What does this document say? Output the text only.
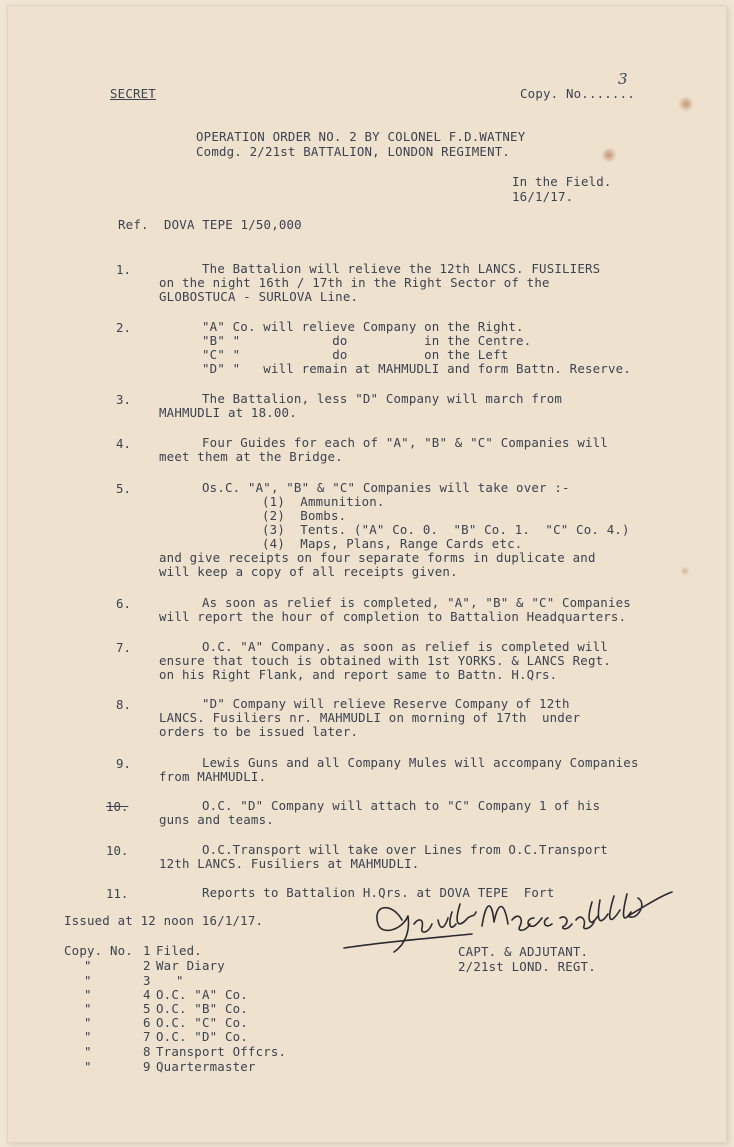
SECRET	Copy. No.......
3
OPERATION ORDER NO. 2 BY COLONEL F.D.WATNEY
Comdg. 2/21st BATTALION, LONDON REGIMENT.
In the Field.
16/1/17.
Ref.  DOVA TEPE 1/50,000
1.	The Battalion will relieve the 12th LANCS. FUSILIERS
on the night 16th / 17th in the Right Sector of the
GLOBOSTUCA - SURLOVA Line.
2.	"A" Co. will relieve Company on the Right.
"B" "            do          in the Centre.
"C" "            do          on the Left
"D" "   will remain at MAHMUDLI and form Battn. Reserve.
3.	The Battalion, less "D" Company will march from
MAHMUDLI at 18.00.
4.	Four Guides for each of "A", "B" & "C" Companies will
meet them at the Bridge.
5.	Os.C. "A", "B" & "C" Companies will take over :-
(1)  Ammunition.
(2)  Bombs.
(3)  Tents. ("A" Co. 0.  "B" Co. 1.  "C" Co. 4.)
(4)  Maps, Plans, Range Cards etc.
and give receipts on four separate forms in duplicate and
will keep a copy of all receipts given.
6.	As soon as relief is completed, "A", "B" & "C" Companies
will report the hour of completion to Battalion Headquarters.
7.	O.C. "A" Company. as soon as relief is completed will
ensure that touch is obtained with 1st YORKS. & LANCS Regt.
on his Right Flank, and report same to Battn. H.Qrs.
8.	"D" Company will relieve Reserve Company of 12th
LANCS. Fusiliers nr. MAHMUDLI on morning of 17th  under
orders to be issued later.
9.	Lewis Guns and all Company Mules will accompany Companies
from MAHMUDLI.
10.	O.C. "D" Company will attach to "C" Company 1 of his
guns and teams.
10.	O.C.Transport will take over Lines from O.C.Transport
12th LANCS. Fusiliers at MAHMUDLI.
11.	Reports to Battalion H.Qrs. at DOVA TEPE  Fort
Issued at 12 noon 16/1/17.
CAPT. & ADJUTANT.
2/21st LOND. REGT.
Copy. No. 1 Filed.
"	2 War Diary
"	3 "
"	4 O.C. "A" Co.
"	5 O.C. "B" Co.
"	6 O.C. "C" Co.
"	7 O.C. "D" Co.
"	8 Transport Offcrs.
"	9 Quartermaster
